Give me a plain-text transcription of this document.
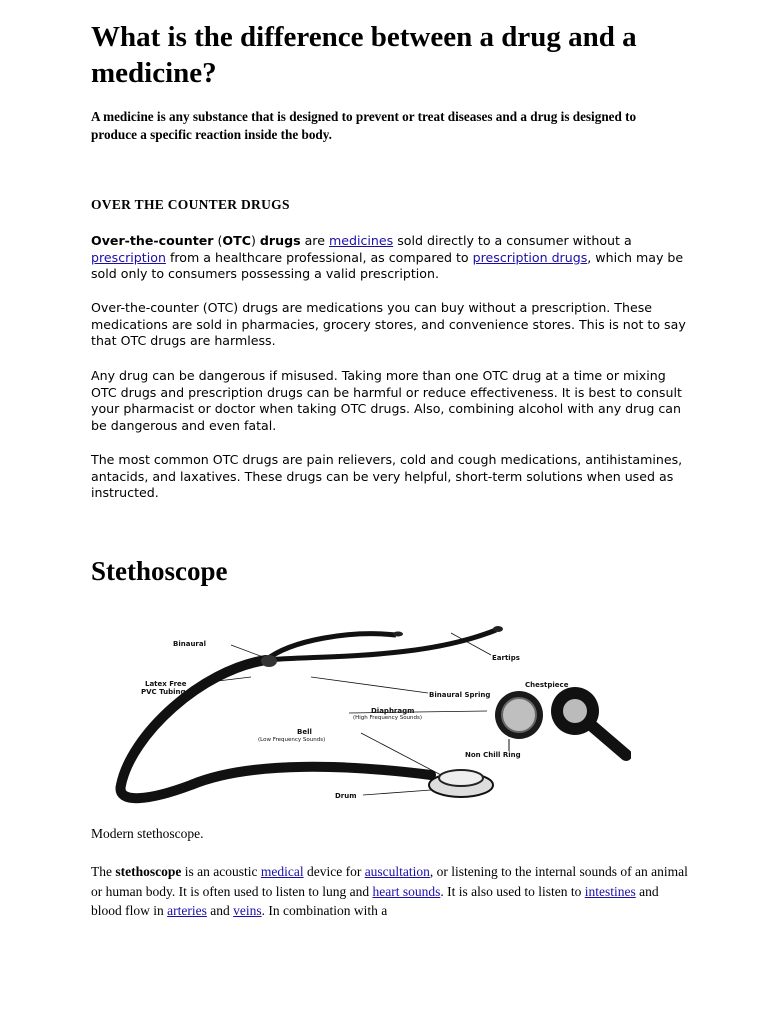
What is the difference between a drug and a medicine?
A medicine is any substance that is designed to prevent or treat diseases and a drug is designed to produce a specific reaction inside the body.
OVER THE COUNTER DRUGS

Over-the-counter (OTC) drugs are medicines sold directly to a consumer without a prescription from a healthcare professional, as compared to prescription drugs, which may be sold only to consumers possessing a valid prescription.

Over-the-counter (OTC) drugs are medications you can buy without a prescription. These medications are sold in pharmacies, grocery stores, and convenience stores. This is not to say that OTC drugs are harmless.

Any drug can be dangerous if misused. Taking more than one OTC drug at a time or mixing OTC drugs and prescription drugs can be harmful or reduce effectiveness. It is best to consult your pharmacist or doctor when taking OTC drugs. Also, combining alcohol with any drug can be dangerous and even fatal.

The most common OTC drugs are pain relievers, cold and cough medications, antihistamines, antacids, and laxatives. These drugs can be very helpful, short-term solutions when used as instructed.

Stethoscope
Binaural
Eartips
Latex Free
PVC Tubing	Binaural Spring
Chestpiece
Diaphragm
(High Frequency Sounds)
Bell
(Low Frequency Sounds)
Non Chill Ring
Drum
Modern stethoscope.

The stethoscope is an acoustic medical device for auscultation, or listening to the internal sounds of an animal or human body. It is often used to listen to lung and heart sounds. It is also used to listen to intestines and blood flow in arteries and veins. In combination with a
